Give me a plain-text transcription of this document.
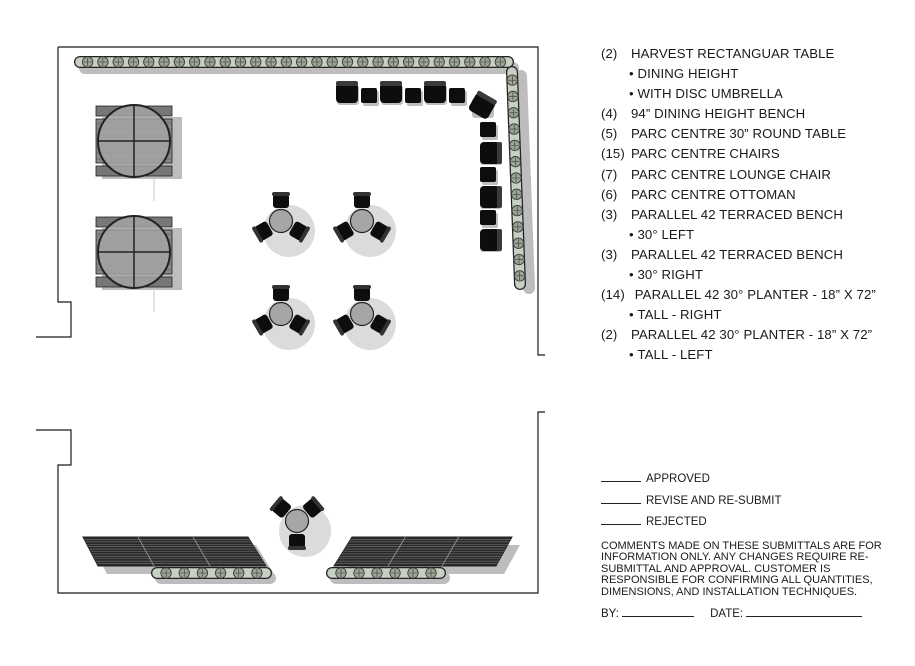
(2) HARVEST RECTANGUAR TABLE
• DINING HEIGHT
• WITH DISC UMBRELLA
(4) 94” DINING HEIGHT BENCH
(5) PARC CENTRE 30” ROUND TABLE
(15) PARC CENTRE CHAIRS
(7) PARC CENTRE LOUNGE CHAIR
(6) PARC CENTRE OTTOMAN
(3) PARALLEL 42 TERRACED BENCH
• 30° LEFT
(3) PARALLEL 42 TERRACED BENCH
• 30° RIGHT
(14) PARALLEL 42 30° PLANTER - 18” X 72”
• TALL - RIGHT
(2) PARALLEL 42 30° PLANTER - 18” X 72”
• TALL - LEFT
APPROVED
REVISE AND RE-SUBMIT
REJECTED
COMMENTS MADE ON THESE SUBMITTALS ARE FOR INFORMATION ONLY. ANY CHANGES REQUIRE RE-SUBMITTAL AND APPROVAL. CUSTOMER IS RESPONSIBLE FOR CONFIRMING ALL QUANTITIES, DIMENSIONS, AND INSTALLATION TECHNIQUES.
BY:	DATE:
